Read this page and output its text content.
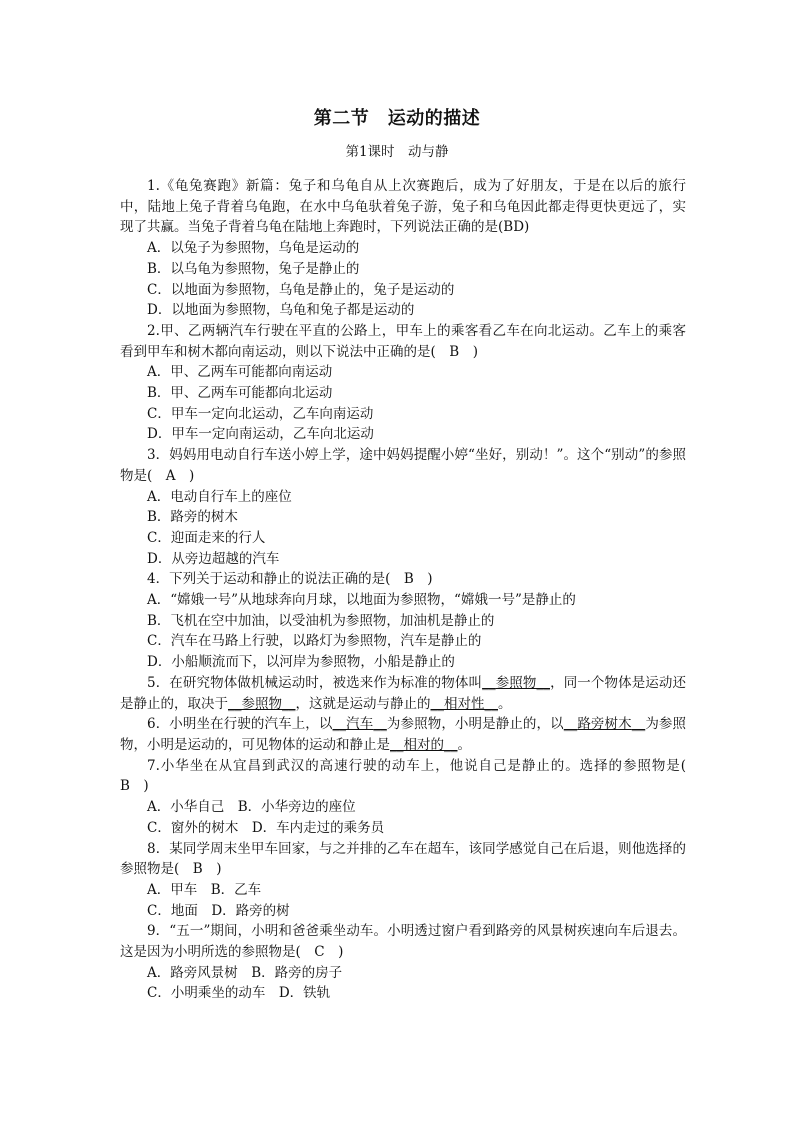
第二节　运动的描述
第1课时　动与静

1.《龟兔赛跑》新篇：兔子和乌龟自从上次赛跑后，成为了好朋友，于是在以后的旅行中，陆地上兔子背着乌龟跑，在水中乌龟驮着兔子游，兔子和乌龟因此都走得更快更远了，实现了共赢。当兔子背着乌龟在陆地上奔跑时，下列说法正确的是(BD)

A．以兔子为参照物，乌龟是运动的

B．以乌龟为参照物，兔子是静止的

C．以地面为参照物，乌龟是静止的，兔子是运动的

D．以地面为参照物，乌龟和兔子都是运动的

2.甲、乙两辆汽车行驶在平直的公路上，甲车上的乘客看乙车在向北运动。乙车上的乘客看到甲车和树木都向南运动，则以下说法中正确的是(　 B　)

A．甲、乙两车可能都向南运动

B．甲、乙两车可能都向北运动

C．甲车一定向北运动，乙车向南运动

D．甲车一定向南运动，乙车向北运动

3．妈妈用电动自行车送小婷上学，途中妈妈提醒小婷“坐好，别动！”。这个“别动”的参照物是(　 A　)

A．电动自行车上的座位

B．路旁的树木

C．迎面走来的行人

D．从旁边超越的汽车

4．下列关于运动和静止的说法正确的是(　 B　)

A．“嫦娥一号”从地球奔向月球，以地面为参照物，“嫦娥一号”是静止的

B．飞机在空中加油，以受油机为参照物，加油机是静止的

C．汽车在马路上行驶，以路灯为参照物，汽车是静止的

D．小船顺流而下，以河岸为参照物，小船是静止的

5．在研究物体做机械运动时，被选来作为标准的物体叫__参照物__，同一个物体是运动还是静止的，取决于__参照物__，这就是运动与静止的__相对性__。

6．小明坐在行驶的汽车上，以__汽车__为参照物，小明是静止的，以__路旁树木__为参照物，小明是运动的，可见物体的运动和静止是__相对的__。

7.小华坐在从宜昌到武汉的高速行驶的动车上，他说自己是静止的。选择的参照物是(　B　)

A．小华自己　B．小华旁边的座位

C．窗外的树木　D．车内走过的乘务员

8．某同学周末坐甲车回家，与之并排的乙车在超车，该同学感觉自己在后退，则他选择的参照物是(　 B　)

A．甲车　B．乙车

C．地面　D．路旁的树

9．“五一”期间，小明和爸爸乘坐动车。小明透过窗户看到路旁的风景树疾速向车后退去。这是因为小明所选的参照物是(　 C　)

A．路旁风景树　B．路旁的房子

C．小明乘坐的动车　D．铁轨
